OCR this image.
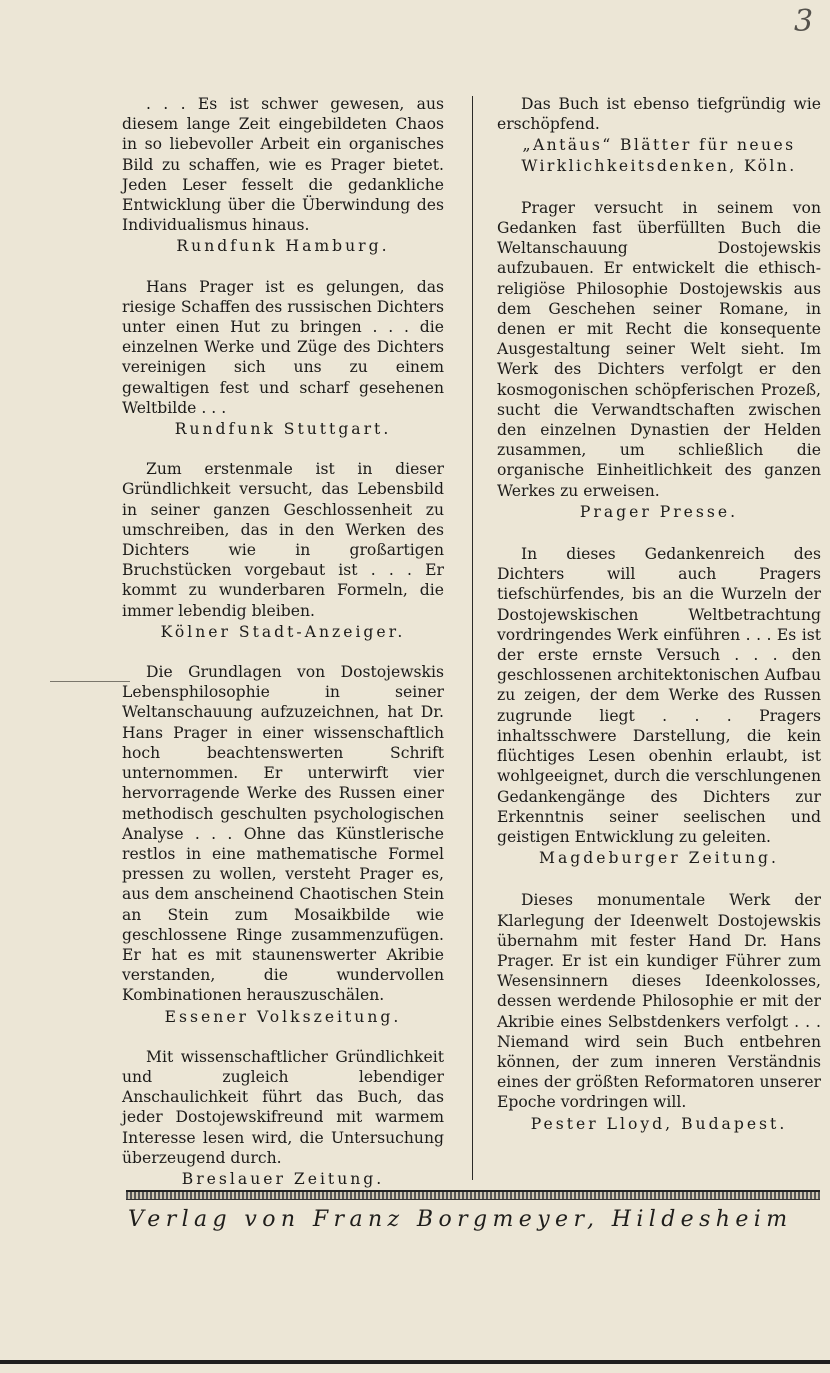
3

. . . Es ist schwer gewesen, aus diesem lange Zeit eingebildeten Chaos in so liebevoller Arbeit ein organisches Bild zu schaffen, wie es Prager bietet. Jeden Leser fesselt die gedankliche Entwicklung über die Überwindung des Individualismus hinaus.

Rundfunk Hamburg.

Hans Prager ist es gelungen, das riesige Schaffen des russischen Dichters unter einen Hut zu bringen . . . die einzelnen Werke und Züge des Dichters vereinigen sich uns zu einem gewaltigen fest und scharf gesehenen Weltbilde . . .

Rundfunk Stuttgart.

Zum erstenmale ist in dieser Gründlichkeit versucht, das Lebensbild in seiner ganzen Geschlossenheit zu umschreiben, das in den Werken des Dichters wie in großartigen Bruchstücken vorgebaut ist . . . Er kommt zu wunderbaren Formeln, die immer lebendig bleiben.

Kölner Stadt-Anzeiger.

Die Grundlagen von Dostojewskis Lebensphilosophie in seiner Weltanschauung aufzuzeichnen, hat Dr. Hans Prager in einer wissenschaftlich hoch beachtenswerten Schrift unternommen. Er unterwirft vier hervorragende Werke des Russen einer methodisch geschulten psychologischen Analyse . . . Ohne das Künstlerische restlos in eine mathematische Formel pressen zu wollen, versteht Prager es, aus dem anscheinend Chaotischen Stein an Stein zum Mosaikbilde wie geschlossene Ringe zusammenzufügen. Er hat es mit staunenswerter Akribie verstanden, die wundervollen Kombinationen herauszuschälen.

Essener Volkszeitung.

Mit wissenschaftlicher Gründlichkeit und zugleich lebendiger Anschaulichkeit führt das Buch, das jeder Dostojewskifreund mit warmem Interesse lesen wird, die Untersuchung überzeugend durch.

Breslauer Zeitung.

Das Buch ist ebenso tiefgründig wie erschöpfend.

„Antäus“ Blätter für neues Wirklichkeitsdenken, Köln.

Prager versucht in seinem von Gedanken fast überfüllten Buch die Weltanschauung Dostojewskis aufzubauen. Er entwickelt die ethisch-religiöse Philosophie Dostojewskis aus dem Geschehen seiner Romane, in denen er mit Recht die konsequente Ausgestaltung seiner Welt sieht. Im Werk des Dichters verfolgt er den kosmogonischen schöpferischen Prozeß, sucht die Verwandtschaften zwischen den einzelnen Dynastien der Helden zusammen, um schließlich die organische Einheitlichkeit des ganzen Werkes zu erweisen.

Prager Presse.

In dieses Gedankenreich des Dichters will auch Pragers tiefschürfendes, bis an die Wurzeln der Dostojewskischen Weltbetrachtung vordringendes Werk einführen . . . Es ist der erste ernste Versuch . . . den geschlossenen architektonischen Aufbau zu zeigen, der dem Werke des Russen zugrunde liegt . . . Pragers inhaltsschwere Darstellung, die kein flüchtiges Lesen obenhin erlaubt, ist wohlgeeignet, durch die verschlungenen Gedankengänge des Dichters zur Erkenntnis seiner seelischen und geistigen Entwicklung zu geleiten.

Magdeburger Zeitung.

Dieses monumentale Werk der Klarlegung der Ideenwelt Dostojewskis übernahm mit fester Hand Dr. Hans Prager. Er ist ein kundiger Führer zum Wesensinnern dieses Ideenkolosses, dessen werdende Philosophie er mit der Akribie eines Selbstdenkers verfolgt . . . Niemand wird sein Buch entbehren können, der zum inneren Verständnis eines der größten Reformatoren unserer Epoche vordringen will.

Pester Lloyd, Budapest.

Verlag von Franz Borgmeyer, Hildesheim
